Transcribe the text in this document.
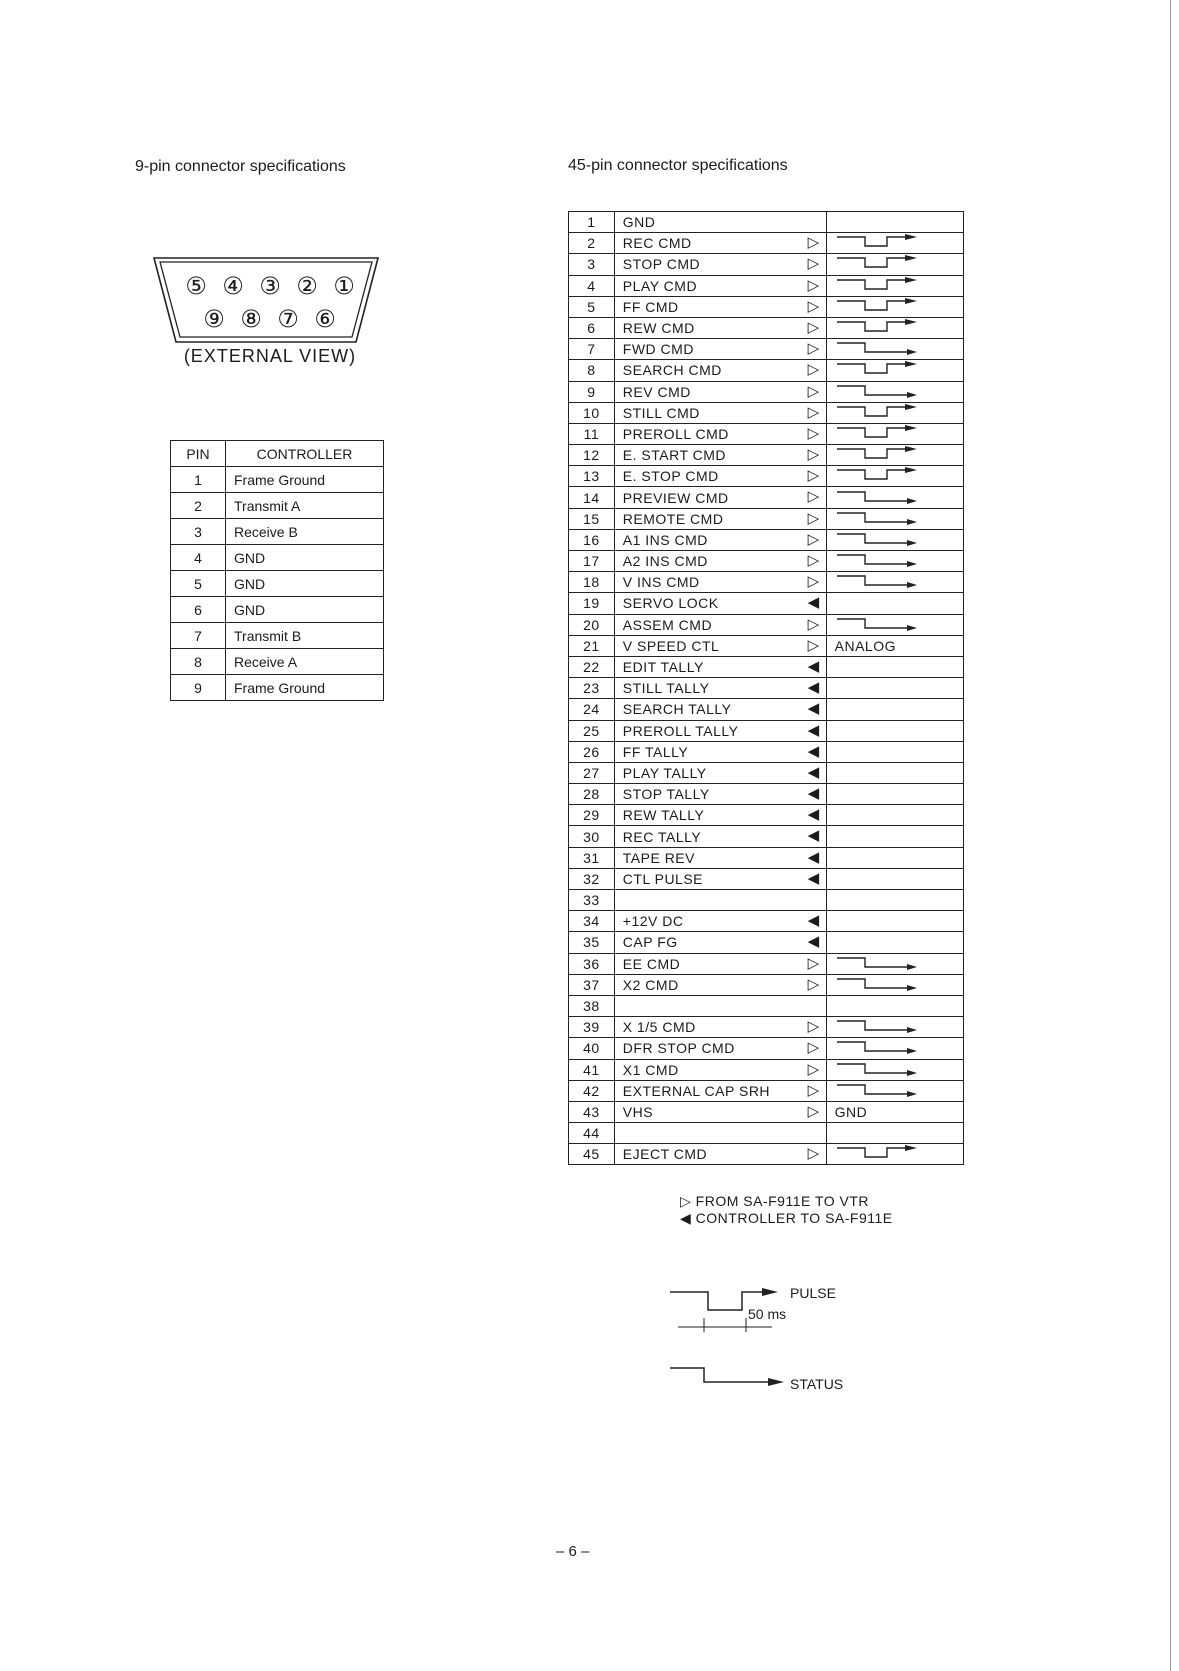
9-pin connector specifications	45-pin connector specifications
⑤ ④ ③ ② ①
⑨ ⑧ ⑦ ⑥
(EXTERNAL VIEW)
PIN	CONTROLLER
1	Frame Ground
2	Transmit A
3	Receive B
4	GND
5	GND
6	GND
7	Transmit B
8	Receive A
9	Frame Ground
1	GND	
2	REC CMD ▷

3	STOP CMD ▷

4	PLAY CMD ▷

5	FF CMD ▷

6	REW CMD ▷

7	FWD CMD ▷

8	SEARCH CMD ▷

9	REV CMD ▷

10	STILL CMD ▷

11	PREROLL CMD ▷

12	E. START CMD ▷

13	E. STOP CMD ▷

14	PREVIEW CMD ▷

15	REMOTE CMD ▷

16	A1 INS CMD ▷

17	A2 INS CMD ▷

18	V INS CMD ▷

19	SERVO LOCK ◀	

20	ASSEM CMD ▷

21	V SPEED CTL ▷	ANALOG
22	EDIT TALLY ◀	

23	STILL TALLY ◀	

24	SEARCH TALLY ◀	

25	PREROLL TALLY ◀	

26	FF TALLY ◀	

27	PLAY TALLY ◀	

28	STOP TALLY ◀	

29	REW TALLY ◀	

30	REC TALLY ◀	

31	TAPE REV ◀	

32	CTL PULSE ◀	

33		
34	+12V DC ◀	

35	CAP FG ◀	

36	EE CMD ▷

37	X2 CMD ▷

38		
39	X 1/5 CMD ▷

40	DFR STOP CMD ▷

41	X1 CMD ▷

42	EXTERNAL CAP SRH ▷

43	VHS ▷	GND
44		
45	EJECT CMD ▷

▷ FROM SA-F911E TO VTR
◀ CONTROLLER TO SA-F911E
PULSE
50 ms
STATUS
– 6 –
